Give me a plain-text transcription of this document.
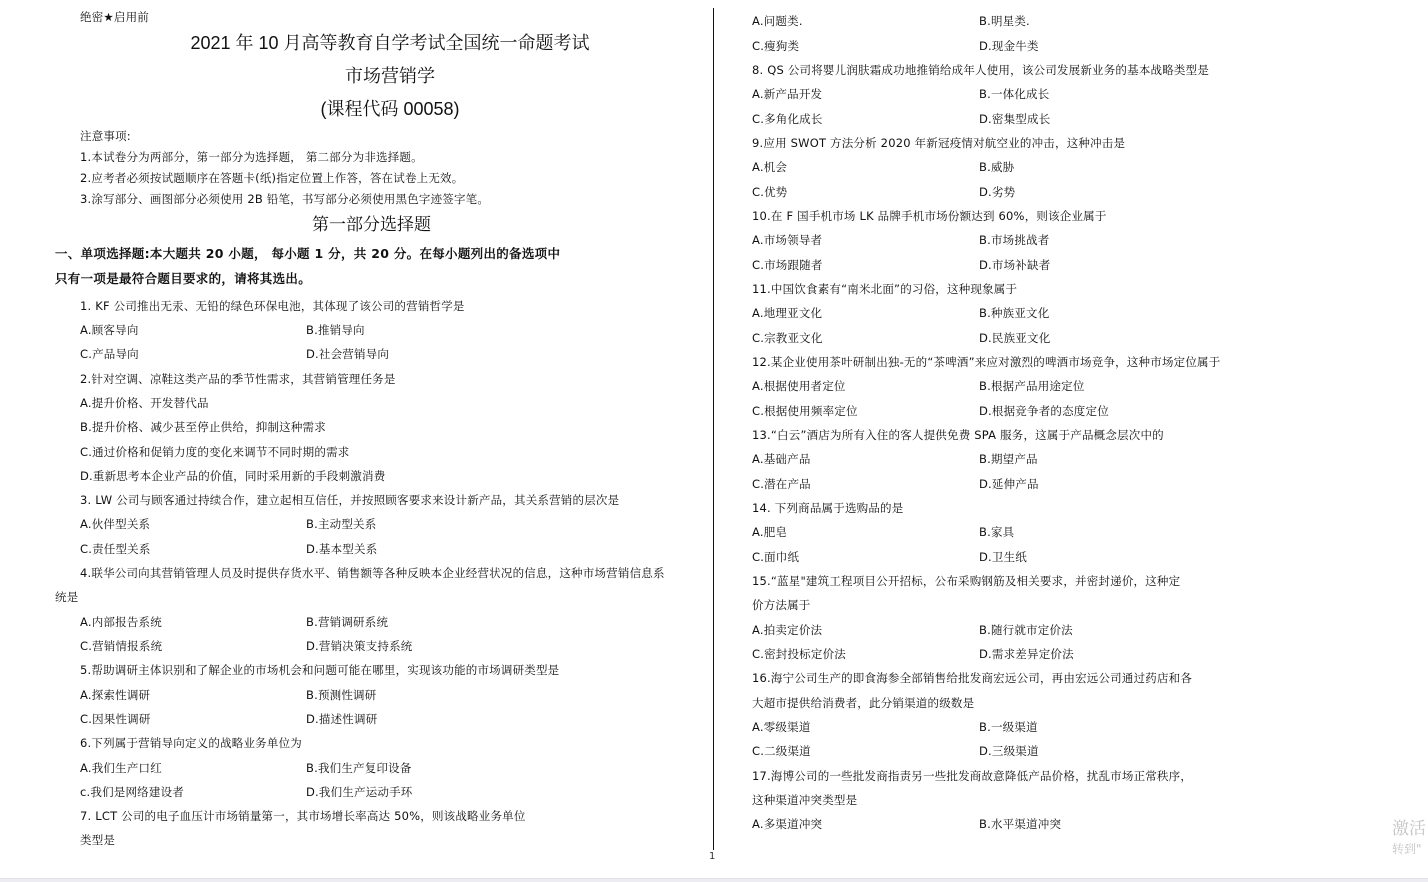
绝密★启用前
2021 年 10 月高等教育自学考试全国统一命题考试
市场营销学
(课程代码 00058)
注意事项:
1.本试卷分为两部分，第一部分为选择题， 第二部分为非选择题。
2.应考者必须按试题顺序在答题卡(纸)指定位置上作答，答在试卷上无效。
3.涂写部分、画图部分必须使用 2B 铅笔，书写部分必须使用黑色字迹签字笔。
第一部分选择题
一、单项选择题:本大题共 20 小题， 每小题 1 分，共 20 分。在每小题列出的备选项中
只有一项是最符合题目要求的，请将其选出。
1. KF 公司推出无汞、无铅的绿色环保电池，其体现了该公司的营销哲学是
A.顾客导向	B.推销导向
C.产品导向	D.社会营销导向
2.针对空调、凉鞋这类产品的季节性需求，其营销管理任务是
A.提升价格、开发替代品
B.提升价格、减少甚至停止供给，抑制这种需求
C.通过价格和促销力度的变化来调节不同时期的需求
D.重新思考本企业产品的价值，同时采用新的手段刺激消费
3. LW 公司与顾客通过持续合作，建立起相互信任，并按照顾客要求来设计新产品，其关系营销的层次是
A.伙伴型关系	B.主动型关系
C.责任型关系	D.基本型关系
4.联华公司向其营销管理人员及时提供存货水平、销售额等各种反映本企业经营状况的信息，这种市场营销信息系
统是
A.内部报告系统	B.营销调研系统
C.营销情报系统	D.营销决策支持系统
5.帮助调研主体识别和了解企业的市场机会和问题可能在哪里，实现该功能的市场调研类型是
A.探索性调研	B.预测性调研
C.因果性调研	D.描述性调研
6.下列属于营销导向定义的战略业务单位为
A.我们生产口红	B.我们生产复印设备
c.我们是网络建设者	D.我们生产运动手环
7. LCT 公司的电子血压计市场销量第一，其市场增长率高达 50%，则该战略业务单位
类型是
1
A.问题类.	B.明星类.
C.瘦狗类	D.现金牛类
8. QS 公司将婴儿润肤霜成功地推销给成年人使用，该公司发展新业务的基本战略类型是
A.新产品开发	B.一体化成长
C.多角化成长	D.密集型成长
9.应用 SWOT 方法分析 2020 年新冠疫情对航空业的冲击，这种冲击是
A.机会	B.威胁
C.优势	D.劣势
10.在 F 国手机市场 LK 品牌手机市场份额达到 60%，则该企业属于
A.市场领导者	B.市场挑战者
C.市场跟随者	D.市场补缺者
11.中国饮食素有“南米北面”的习俗，这种现象属于
A.地理亚文化	B.种族亚文化
C.宗教亚文化	D.民族亚文化
12.某企业使用茶叶研制出独-无的“茶啤酒”来应对激烈的啤酒市场竞争，这种市场定位属于
A.根据使用者定位	B.根据产品用途定位
C.根据使用频率定位	D.根据竞争者的态度定位
13.“白云”酒店为所有入住的客人提供免费 SPA 服务，这属于产品概念层次中的
A.基础产品	B.期望产品
C.潜在产品	D.延伸产品
14. 下列商品属于选购品的是
A.肥皂	B.家具
C.面巾纸	D.卫生纸
15.“蓝星"建筑工程项目公开招标，公布采购钢筋及相关要求，并密封递价，这种定
价方法属于
A.拍卖定价法	B.随行就市定价法
C.密封投标定价法	D.需求差异定价法
16.海宁公司生产的即食海参全部销售给批发商宏远公司，再由宏远公司通过药店和各
大超市提供给消费者，此分销渠道的级数是
A.零级渠道	B.一级渠道
C.二级渠道	D.三级渠道
17.海博公司的一些批发商指责另一些批发商故意降低产品价格，扰乱市场正常秩序，
这种渠道冲突类型是
A.多渠道冲突	B.水平渠道冲突	激活
转到"
